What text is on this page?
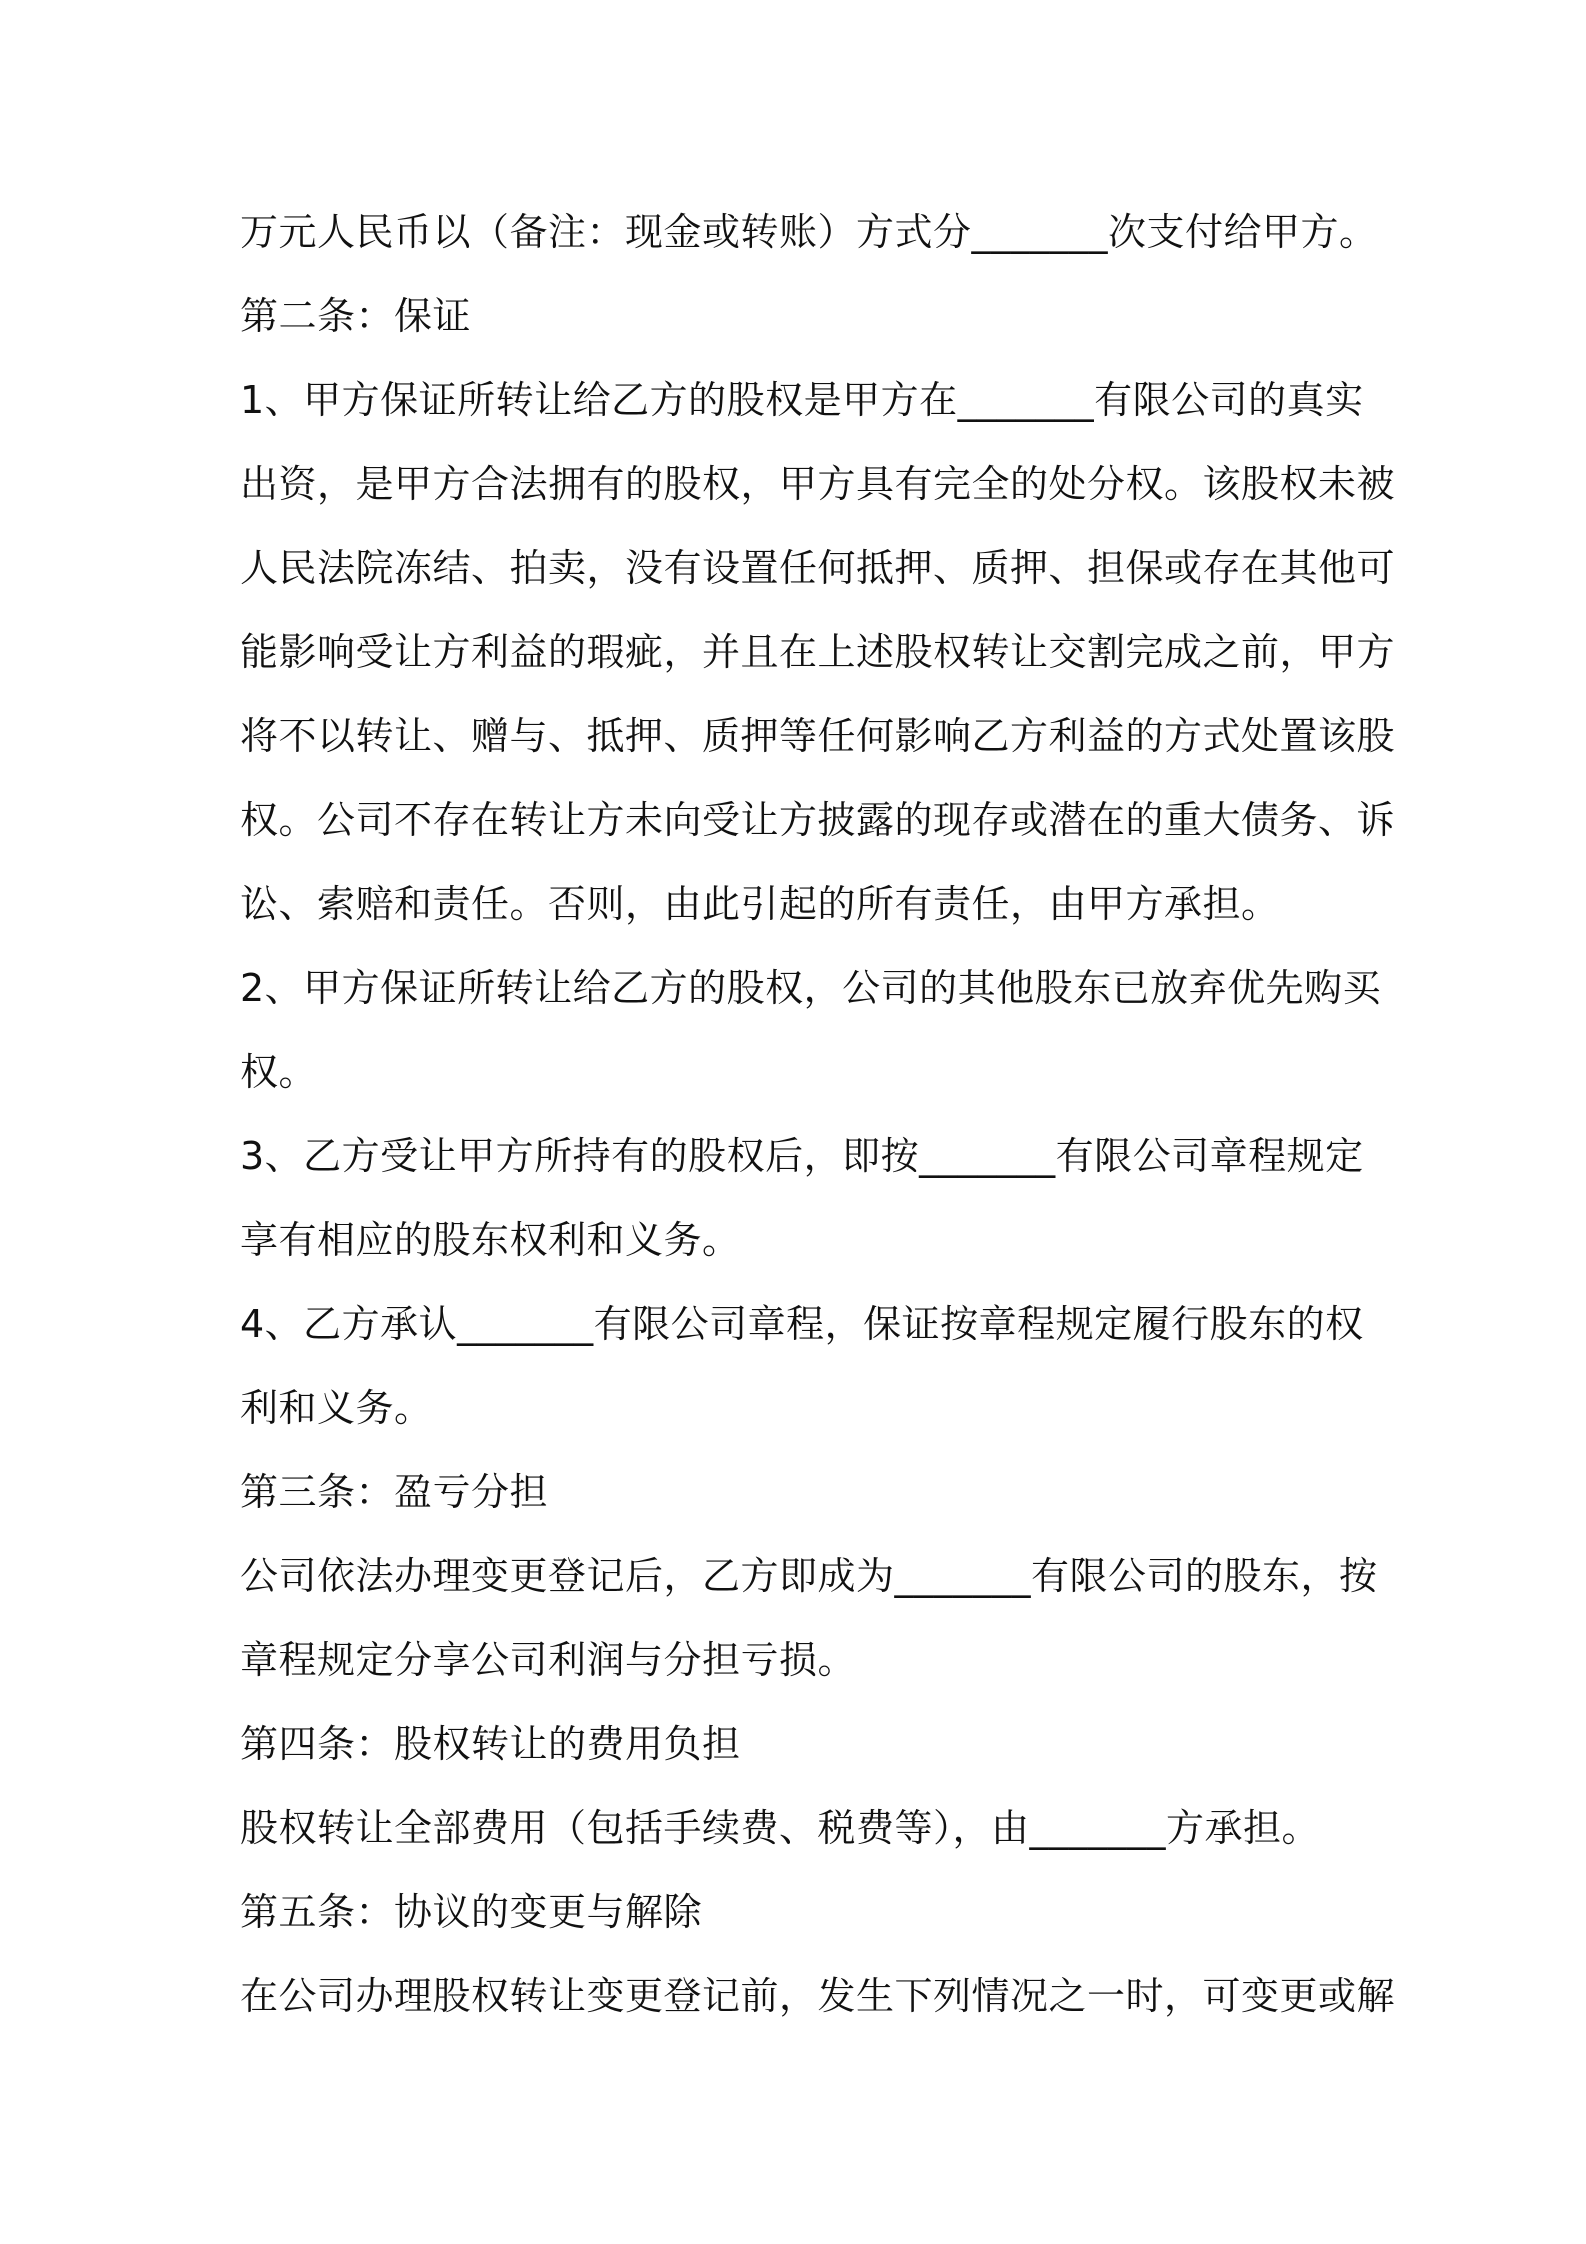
万元人民币以（备注：现金或转账）方式分_______次支付给甲方。
第二条：保证
1、甲方保证所转让给乙方的股权是甲方在_______有限公司的真实
出资，是甲方合法拥有的股权，甲方具有完全的处分权。该股权未被
人民法院冻结、拍卖，没有设置任何抵押、质押、担保或存在其他可
能影响受让方利益的瑕疵，并且在上述股权转让交割完成之前，甲方
将不以转让、赠与、抵押、质押等任何影响乙方利益的方式处置该股
权。公司不存在转让方未向受让方披露的现存或潜在的重大债务、诉
讼、索赔和责任。否则，由此引起的所有责任，由甲方承担。
2、甲方保证所转让给乙方的股权，公司的其他股东已放弃优先购买
权。
3、乙方受让甲方所持有的股权后，即按_______有限公司章程规定
享有相应的股东权利和义务。
4、乙方承认_______有限公司章程，保证按章程规定履行股东的权
利和义务。
第三条：盈亏分担
公司依法办理变更登记后，乙方即成为_______有限公司的股东，按
章程规定分享公司利润与分担亏损。
第四条：股权转让的费用负担
股权转让全部费用（包括手续费、税费等），由_______方承担。
第五条：协议的变更与解除
在公司办理股权转让变更登记前，发生下列情况之一时，可变更或解
